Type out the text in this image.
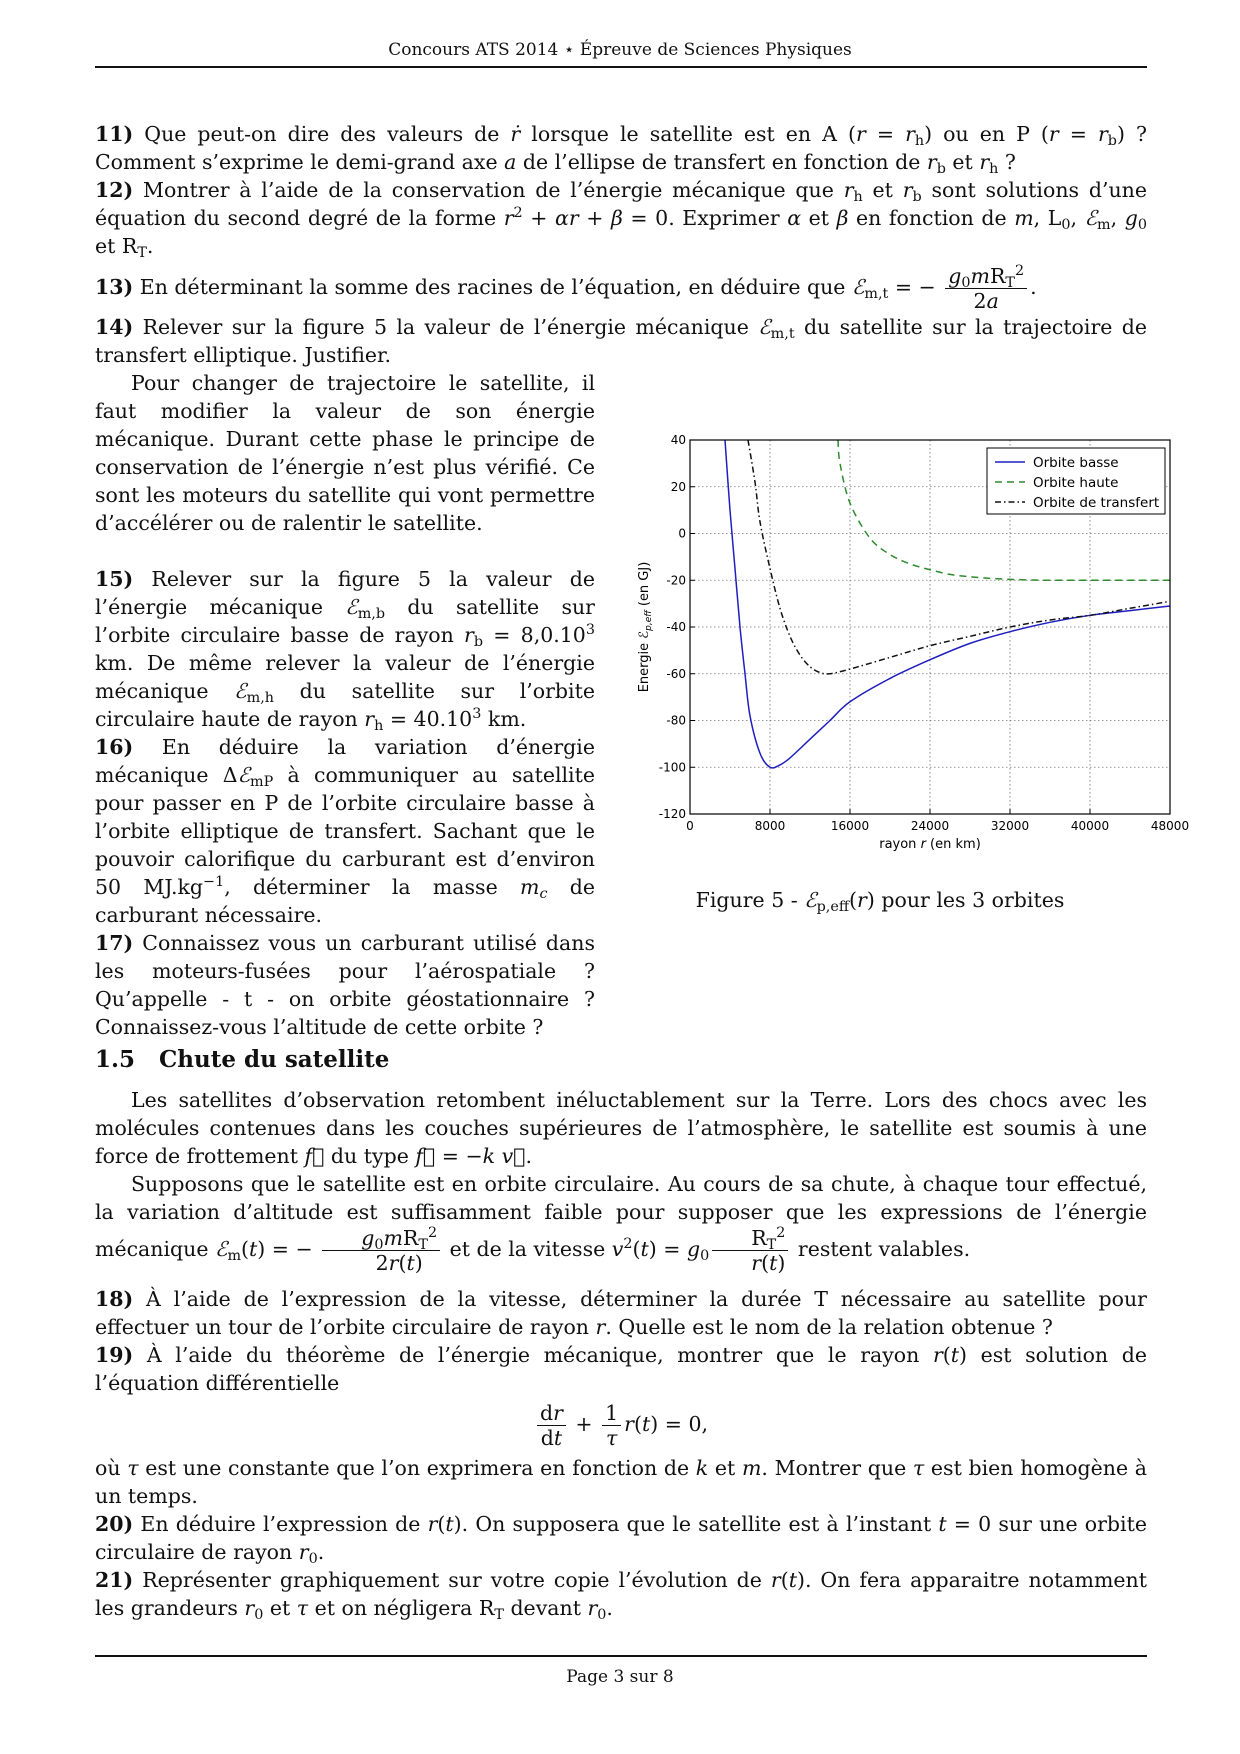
Concours ATS 2014 ⋆ Épreuve de Sciences Physiques

11) Que peut-on dire des valeurs de ṙ lorsque le satellite est en A $(r = r_h)$ ou en P $(r = r_b)$ ? Comment s’exprime le demi-grand axe a de l’ellipse de transfert en fonction de $r_b$ et $r_h$ ?

12) Montrer à l’aide de la conservation de l’énergie mécanique que $r_h$ et $r_b$ sont solutions d’une équation du second degré de la forme $r^2 + \alpha r + \beta = 0$. Exprimer α et β en fonction de m, $L_0$, ℰ$_m$, $g_0$ et $R_T$.

13) En déterminant la somme des racines de l’équation, en déduire que ℰ$_{m,t}$ = − $\frac{g_0mR_T^2}{2a}$ .

14) Relever sur la figure 5 la valeur de l’énergie mécanique ℰ$_{m,t}$ du satellite sur la trajectoire de transfert elliptique. Justifier.

Pour changer de trajectoire le satellite, il faut modifier la valeur de son énergie mécanique. Durant cette phase le principe de conservation de l’énergie n’est plus vérifié. Ce sont les moteurs du satellite qui vont permettre d’accélérer ou de ralentir le satellite.

15) Relever sur la figure 5 la valeur de l’énergie mécanique ℰ$_{m,b}$ du satellite sur l’orbite circulaire basse de rayon $r_b = 8,0.10^3$ km. De même relever la valeur de l’énergie mécanique ℰ$_{m,h}$ du satellite sur l’orbite circulaire haute de rayon $r_h = 40.10^3$ km.

16) En déduire la variation d’énergie mécanique Δℰ$_{mP}$ à communiquer au satellite pour passer en P de l’orbite circulaire basse à l’orbite elliptique de transfert. Sachant que le pouvoir calorifique du carburant est d’environ 50 $MJ.kg^{-1}$, déterminer la masse $m_c$ de carburant nécessaire.

17) Connaissez vous un carburant utilisé dans les moteurs-fusées pour l’aérospatiale ? Qu’appelle - t - on orbite géostationnaire ? Connaissez-vous l’altitude de cette orbite ?

0	8000	16000	24000	32000	40000	48000
40
20
0
-20
-40
-60
-80
-100
-120
Energie ℰ$_{p,eff}$ (en GJ)
rayon r (en km)
Orbite basse
Orbite haute
Orbite de transfert
Figure 5 - ℰ$_{p,eff}$(r) pour les 3 orbites
1.5 Chute du satellite

Les satellites d’observation retombent inéluctablement sur la Terre. Lors des chocs avec les molécules contenues dans les couches supérieures de l’atmosphère, le satellite est soumis à une force de frottement f⃗ du type f⃗ = −k v⃗.

Supposons que le satellite est en orbite circulaire. Au cours de sa chute, à chaque tour effectué, la variation d’altitude est suffisamment faible pour supposer que les expressions de l’énergie mécanique ℰ$_m$(t) = − $\frac{g_0mR_T^2}{2r(t)}$ et de la vitesse $v^2(t) = g_0 \frac{R_T^2}{r(t)}$ restent valables.

18) À l’aide de l’expression de la vitesse, déterminer la durée T nécessaire au satellite pour effectuer un tour de l’orbite circulaire de rayon r. Quelle est le nom de la relation obtenue ?

19) À l’aide du théorème de l’énergie mécanique, montrer que le rayon r(t) est solution de l’équation différentielle

$\frac{dr}{dt} + \frac{1}{\tau} r(t) = 0$,

où τ est une constante que l’on exprimera en fonction de k et m. Montrer que τ est bien homogène à un temps.

20) En déduire l’expression de r(t). On supposera que le satellite est à l’instant t = 0 sur une orbite circulaire de rayon $r_0$.

21) Représenter graphiquement sur votre copie l’évolution de r(t). On fera apparaitre notamment les grandeurs $r_0$ et τ et on négligera $R_T$ devant $r_0$.

Page 3 sur 8
